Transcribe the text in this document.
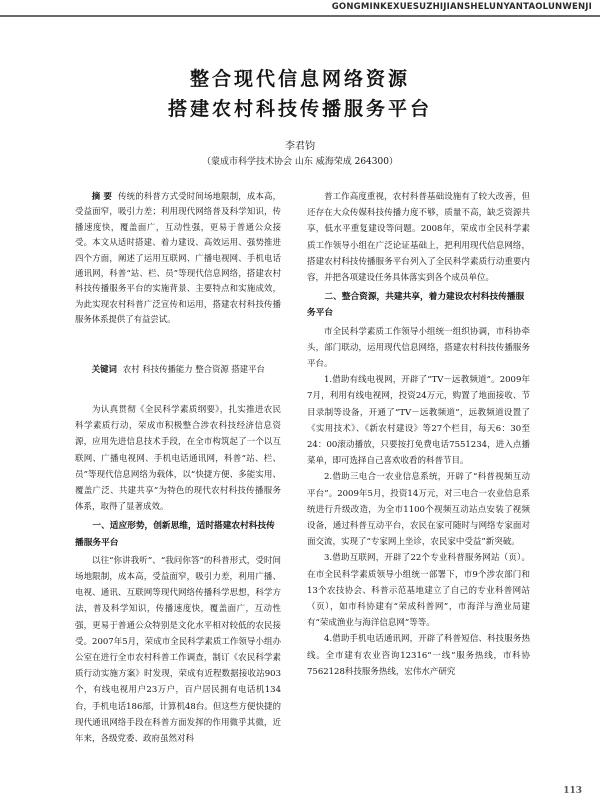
GONGMINKEXUESUZHIJIANSHELUNYANTAOLUNWENJI
整合现代信息网络资源
搭建农村科技传播服务平台
李君钧
（蒙成市科学技术协会 山东 威海荣成 264300）

摘 要 传统的科普方式受时间场地限制，成本高，受益面窄，吸引力差；利用现代网络普及科学知识，传播速度快，覆盖面广，互动性强，更易于普通公众接受。本文从适时搭建、着力建设、高效运用、强势推进四个方面，阐述了运用互联网、广播电视网、手机电话通讯网，科普“站、栏、员”等现代信息网络，搭建农村科技传播服务平台的实施背景、主要特点和实施成效，为此实现农村科普广泛宣传和运用，搭建农村科技传播服务体系提供了有益尝试。

关键词 农村 科技传播能力 整合资源 搭建平台

为认真贯彻《全民科学素质纲要》，扎实推进农民科学素质行动，荣成市积极整合涉农科技经济信息资源，应用先进信息技术手段，在全市构筑起了一个以互联网、广播电视网、手机电话通讯网，科普“站、栏、员”等现代信息网络为载体，以“快捷方便、多能实用、覆盖广泛、共建共享”为特色的现代农村科技传播服务体系，取得了显著成效。

一、适应形势，创新思维，适时搭建农村科技传播服务平台

以往“你讲我听”、“我问你答”的科普形式，受时间场地限制，成本高，受益面窄，吸引力差，利用广播、电视、通讯、互联网等现代网络传播科学思想，科学方法，普及科学知识，传播速度快，覆盖面广，互动性强，更易于普通公众特别是文化水平相对较低的农民接受。2007年5月，荣成市全民科学素质工作领导小组办公室在进行全市农村科普工作调查，制订《农民科学素质行动实施方案》时发现，荣成有近程数据接收站903个，有线电视用户23万户，百户居民拥有电话机134台，手机电话186部，计算机48台。但这些方便快捷的现代通讯网络手段在科普方面发挥的作用微乎其微，近年来，各级党委、政府虽然对科

普工作高度重视，农村科普基础设施有了较大改善，但还存在大众传媒科技传播力度不够，质量不高，缺乏资源共享，低水平重复建设等问题。2008年，荣成市全民科学素质工作领导小组在广泛论证基础上，把利用现代信息网络，搭建农村科技传播服务平台列入了全民科学素质行动重要内容，并把各项建设任务具体落实到各个成员单位。

二、整合资源，共建共享，着力建设农村科技传播服务平台

市全民科学素质工作领导小组统一组织协调，市科协牵头，部门联动，运用现代信息网络，搭建农村科技传播服务平台。

1.借助有线电视网，开辟了“TV－远教频道”。2009年7月，利用有线电视网，投资24万元，购置了地面接收、节目录制等设备，开通了“TV－远教频道”，远教频道设置了《实用技术》、《新农村建设》等27个栏目，每天6：30至24：00滚动播放，只要按打免费电话7551234，进入点播菜单，即可选择自己喜欢收看的科普节目。

2.借助三电合一农业信息系统，开辟了“科普视频互动平台”。2009年5月，投资14万元，对三电合一农业信息系统进行升级改造，为全市1100个视频互动站点安装了视频设备，通过科普互动平台，农民在家可随时与网络专家面对面交流，实现了“专家网上坐诊，农民家中受益”新突破。

3.借助互联网，开辟了22个专业科普服务网站（页）。在市全民科学素质领导小组统一部署下，市9个涉农部门和13个农技协会、科普示范基地建立了自己的专业科普网站（页），如市科协建有“荣成科普网”，市海洋与渔业局建有“荣成渔业与海洋信息网”等等。

4.借助手机电话通讯网，开辟了科普短信、科技服务热线。全市建有农业咨询12316“一线”服务热线，市科协7562128科技服务热线，宏伟水产研究

113
